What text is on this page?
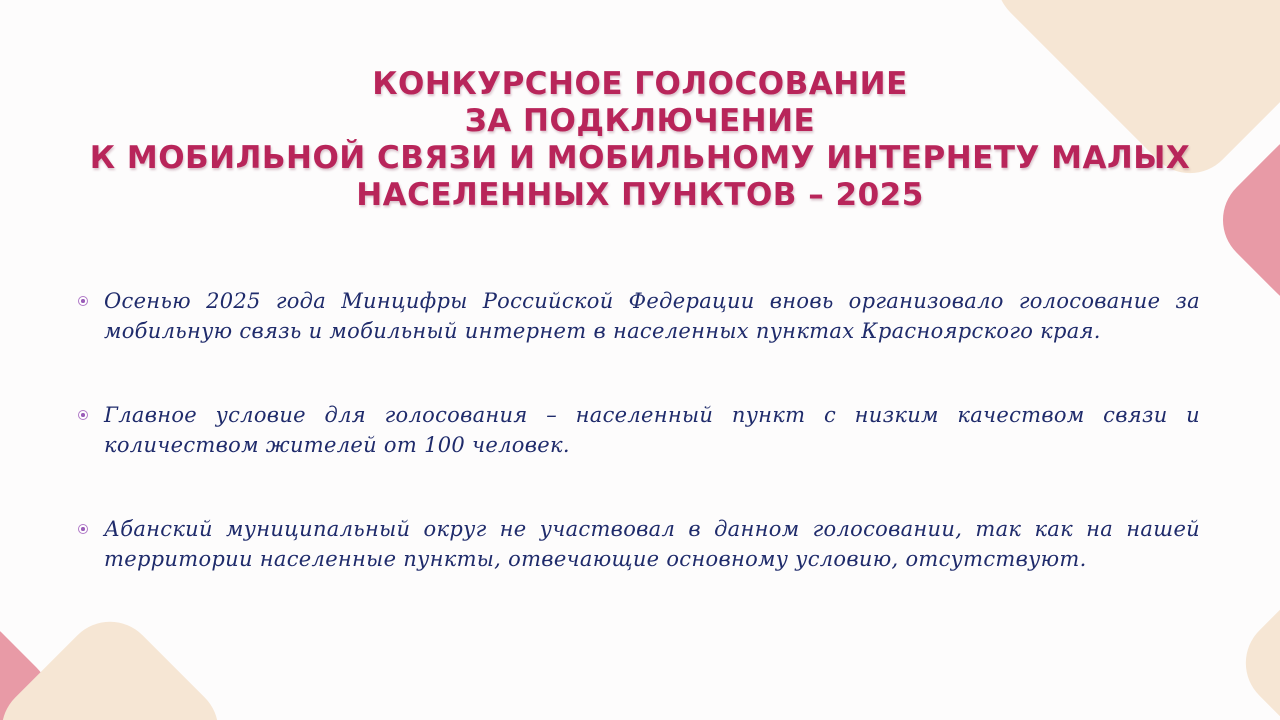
КОНКУРСНОЕ ГОЛОСОВАНИЕ
ЗА ПОДКЛЮЧЕНИЕ
К МОБИЛЬНОЙ СВЯЗИ И МОБИЛЬНОМУ ИНТЕРНЕТУ МАЛЫХ
НАСЕЛЕННЫХ ПУНКТОВ – 2025
Осенью 2025 года Минцифры Российской Федерации вновь организовало голосование за мобильную связь и мобильный интернет в населенных пунктах Красноярского края.
Главное условие для голосования – населенный пункт с низким качеством связи и количеством жителей от 100 человек.
Абанский муниципальный округ не участвовал в данном голосовании, так как на нашей территории населенные пункты, отвечающие основному условию, отсутствуют.
